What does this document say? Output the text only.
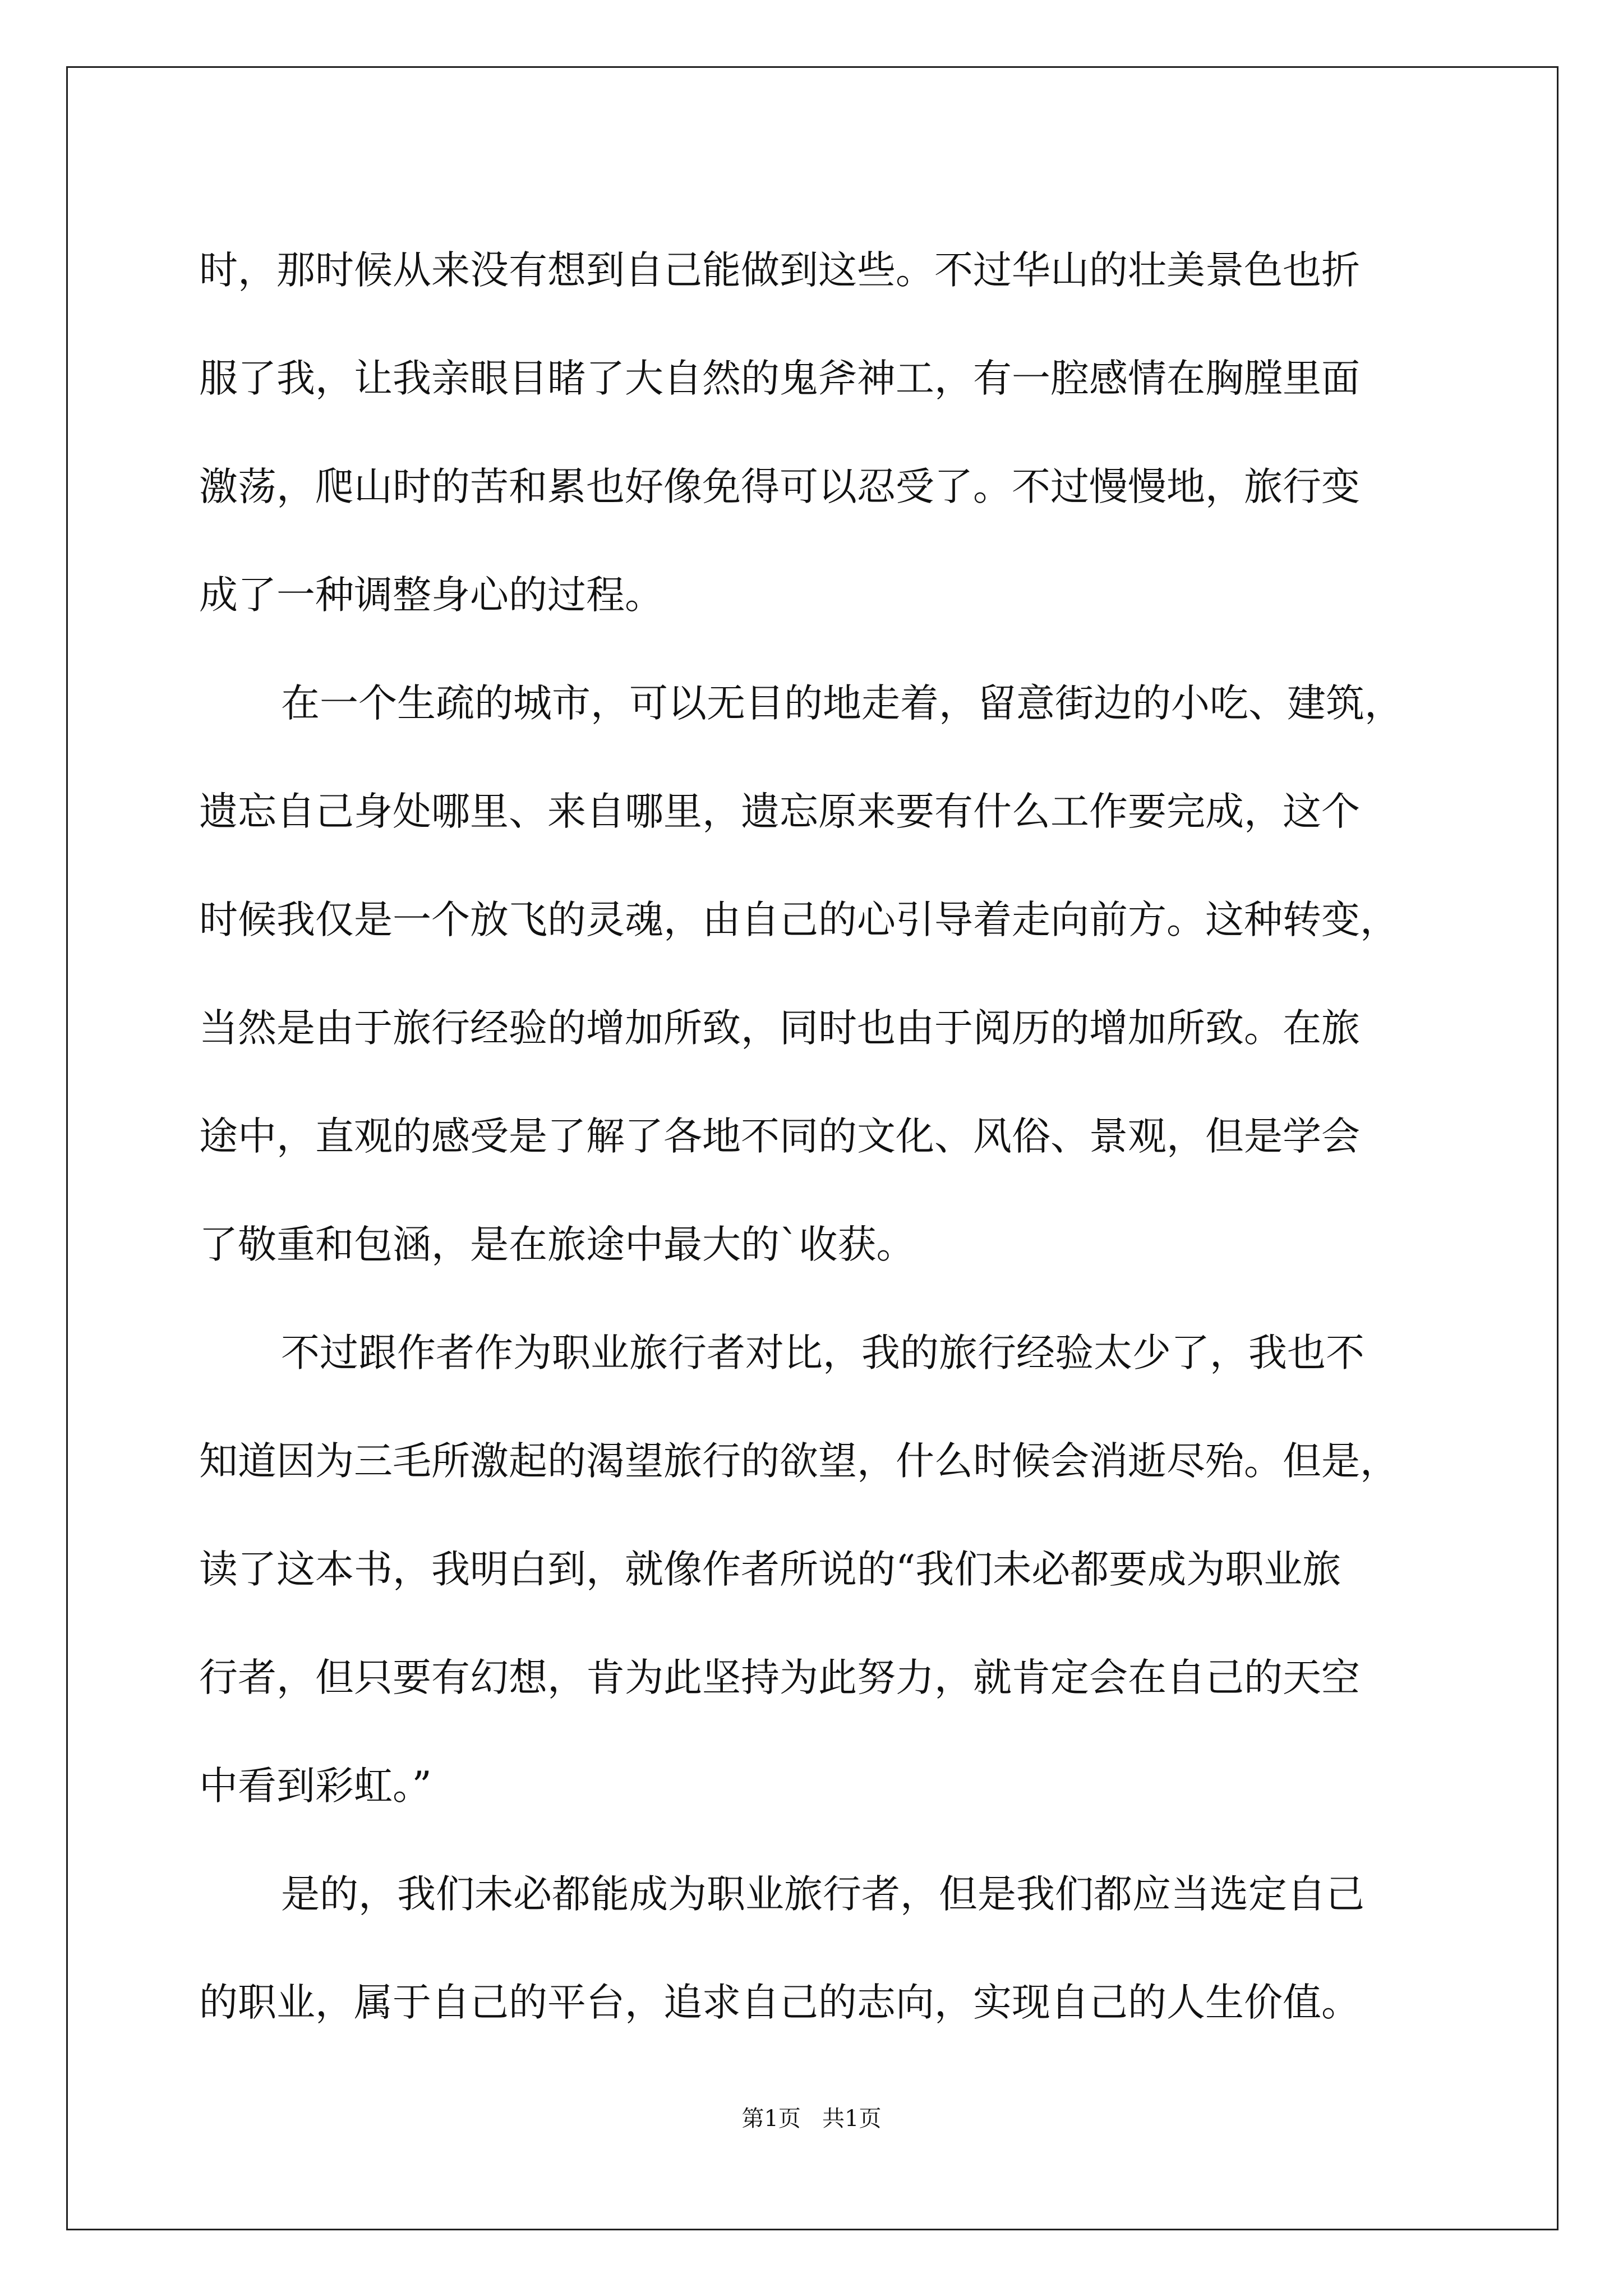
时，那时候从来没有想到自己能做到这些。不过华山的壮美景色也折
服了我，让我亲眼目睹了大自然的鬼斧神工，有一腔感情在胸膛里面
激荡，爬山时的苦和累也好像免得可以忍受了。不过慢慢地，旅行变
成了一种调整身心的过程。
在一个生疏的城市，可以无目的地走着，留意街边的小吃、建筑，
遗忘自己身处哪里、来自哪里，遗忘原来要有什么工作要完成，这个
时候我仅是一个放飞的灵魂，由自己的心引导着走向前方。这种转变，
当然是由于旅行经验的增加所致，同时也由于阅历的增加所致。在旅
途中，直观的感受是了解了各地不同的文化、风俗、景观，但是学会
了敬重和包涵，是在旅途中最大的`收获。
不过跟作者作为职业旅行者对比，我的旅行经验太少了，我也不
知道因为三毛所激起的渴望旅行的欲望，什么时候会消逝尽殆。但是，
读了这本书，我明白到，就像作者所说的“我们未必都要成为职业旅
行者，但只要有幻想，肯为此坚持为此努力，就肯定会在自己的天空
中看到彩虹。”
是的，我们未必都能成为职业旅行者，但是我们都应当选定自己
的职业，属于自己的平台，追求自己的志向，实现自己的人生价值。
第1页   共1页
